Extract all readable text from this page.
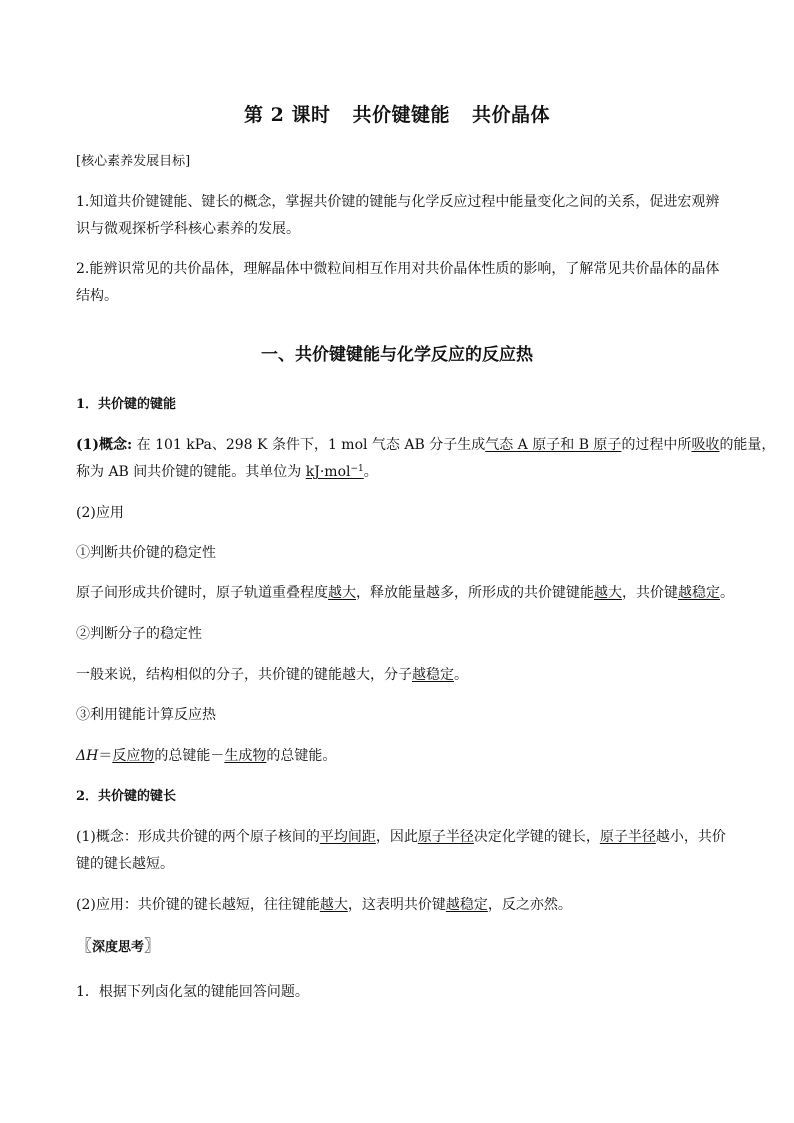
第 2 课时 共价键键能 共价晶体
[核心素养发展目标]
1.知道共价键键能、键长的概念，掌握共价键的键能与化学反应过程中能量变化之间的关系，促进宏观辨
识与微观探析学科核心素养的发展。
2.能辨识常见的共价晶体，理解晶体中微粒间相互作用对共价晶体性质的影响，了解常见共价晶体的晶体
结构。
一、共价键键能与化学反应的反应热
1．共价键的键能
(1)概念: 在 101 kPa、298 K 条件下，1 mol 气态 AB 分子生成气态 A 原子和 B 原子的过程中所吸收的能量，
称为 AB 间共价键的键能。其单位为 kJ·mol$^{-1}$。
(2)应用
①判断共价键的稳定性
原子间形成共价键时，原子轨道重叠程度越大，释放能量越多，所形成的共价键键能越大，共价键越稳定。
②判断分子的稳定性
一般来说，结构相似的分子，共价键的键能越大，分子越稳定。
③利用键能计算反应热
ΔH＝反应物的总键能－生成物的总键能。
2．共价键的键长
(1)概念：形成共价键的两个原子核间的平均间距，因此原子半径决定化学键的键长，原子半径越小，共价
键的键长越短。
(2)应用：共价键的键长越短，往往键能越大，这表明共价键越稳定，反之亦然。
〖深度思考〗
1．根据下列卤化氢的键能回答问题。
